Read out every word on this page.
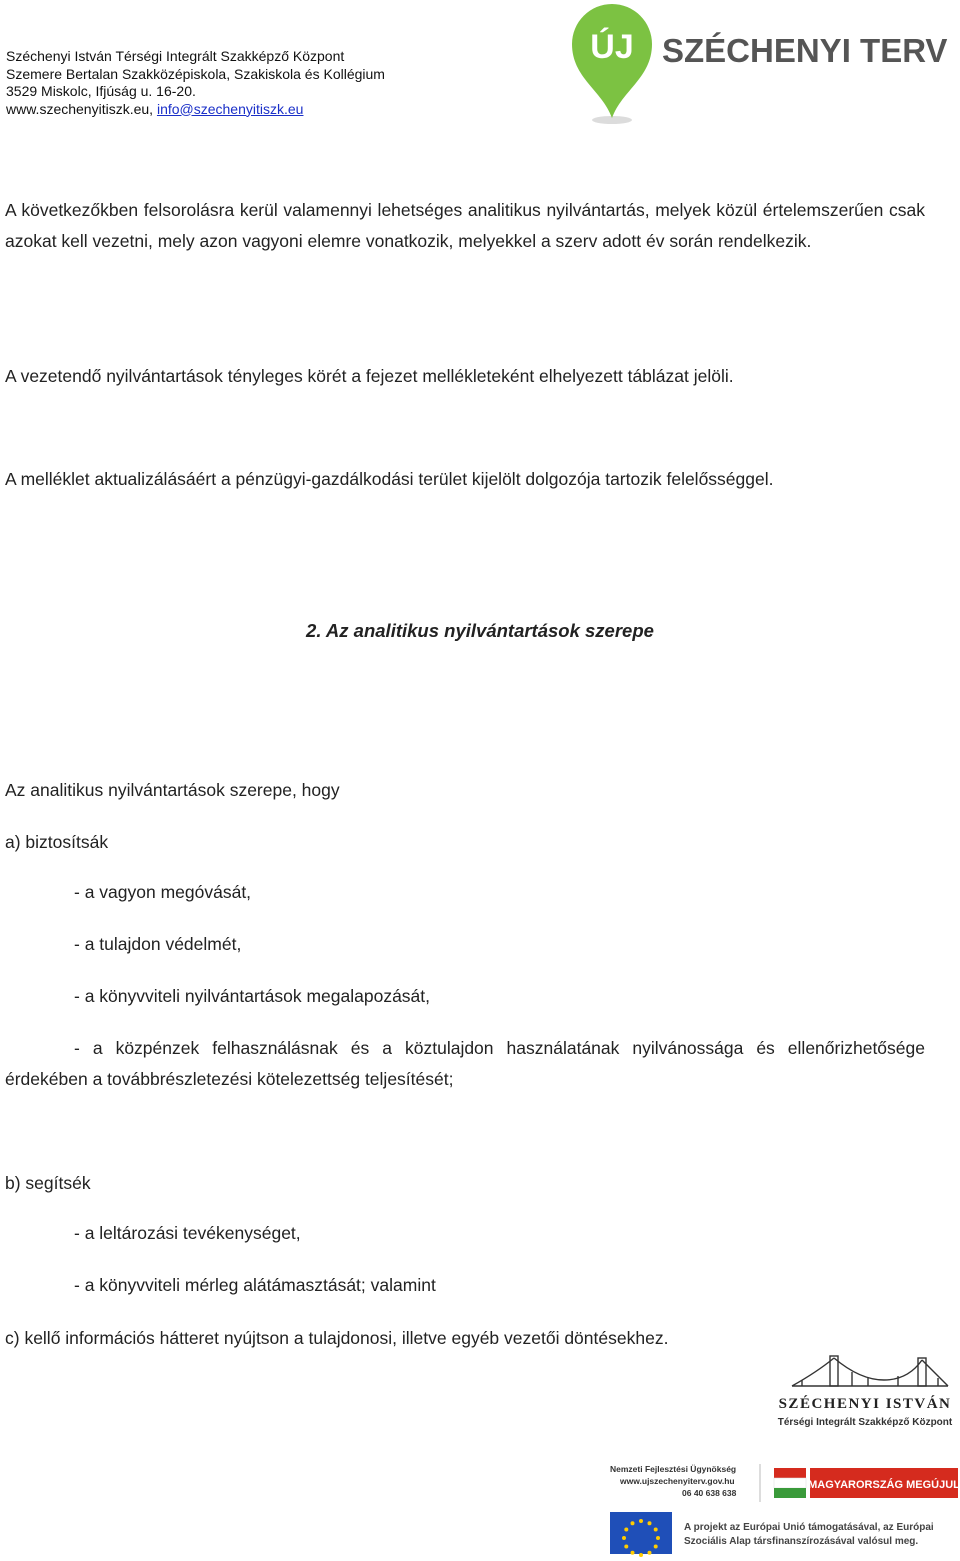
Széchenyi István Térségi Integrált Szakképző Központ
Szemere Bertalan Szakközépiskola, Szakiskola és Kollégium
3529 Miskolc, Ifjúság u. 16-20.
www.szechenyitiszk.eu, info@szechenyitiszk.eu
ÚJ SZÉCHENYI TERV
A következőkben felsorolásra kerül valamennyi lehetséges analitikus nyilvántartás, melyek közül értelemszerűen csak azokat kell vezetni, mely azon vagyoni elemre vonatkozik, melyekkel a szerv adott év során rendelkezik.
A vezetendő nyilvántartások tényleges körét a fejezet mellékleteként elhelyezett táblázat jelöli.
A melléklet aktualizálásáért a pénzügyi-gazdálkodási terület kijelölt dolgozója tartozik felelősséggel.
2. Az analitikus nyilvántartások szerepe
Az analitikus nyilvántartások szerepe, hogy
a) biztosítsák
- a vagyon megóvását,
- a tulajdon védelmét,
- a könyvviteli nyilvántartások megalapozását,
- a közpénzek felhasználásnak és a köztulajdon használatának nyilvánossága és ellenőrizhetősége érdekében a továbbrészletezési kötelezettség teljesítését;
b) segítsék
- a leltározási tevékenységet,
- a könyvviteli mérleg alátámasztását; valamint
c) kellő információs hátteret nyújtson a tulajdonosi, illetve egyéb vezetői döntésekhez.
SZÉCHENYI ISTVÁN
Térségi Integrált Szakképző Központ
Nemzeti Fejlesztési Ügynökség
www.ujszechenyiterv.gov.hu
06 40 638 638
MAGYARORSZÁG MEGÚJUL
A projekt az Európai Unió támogatásával, az Európai
Szociális Alap társfinanszírozásával valósul meg.
